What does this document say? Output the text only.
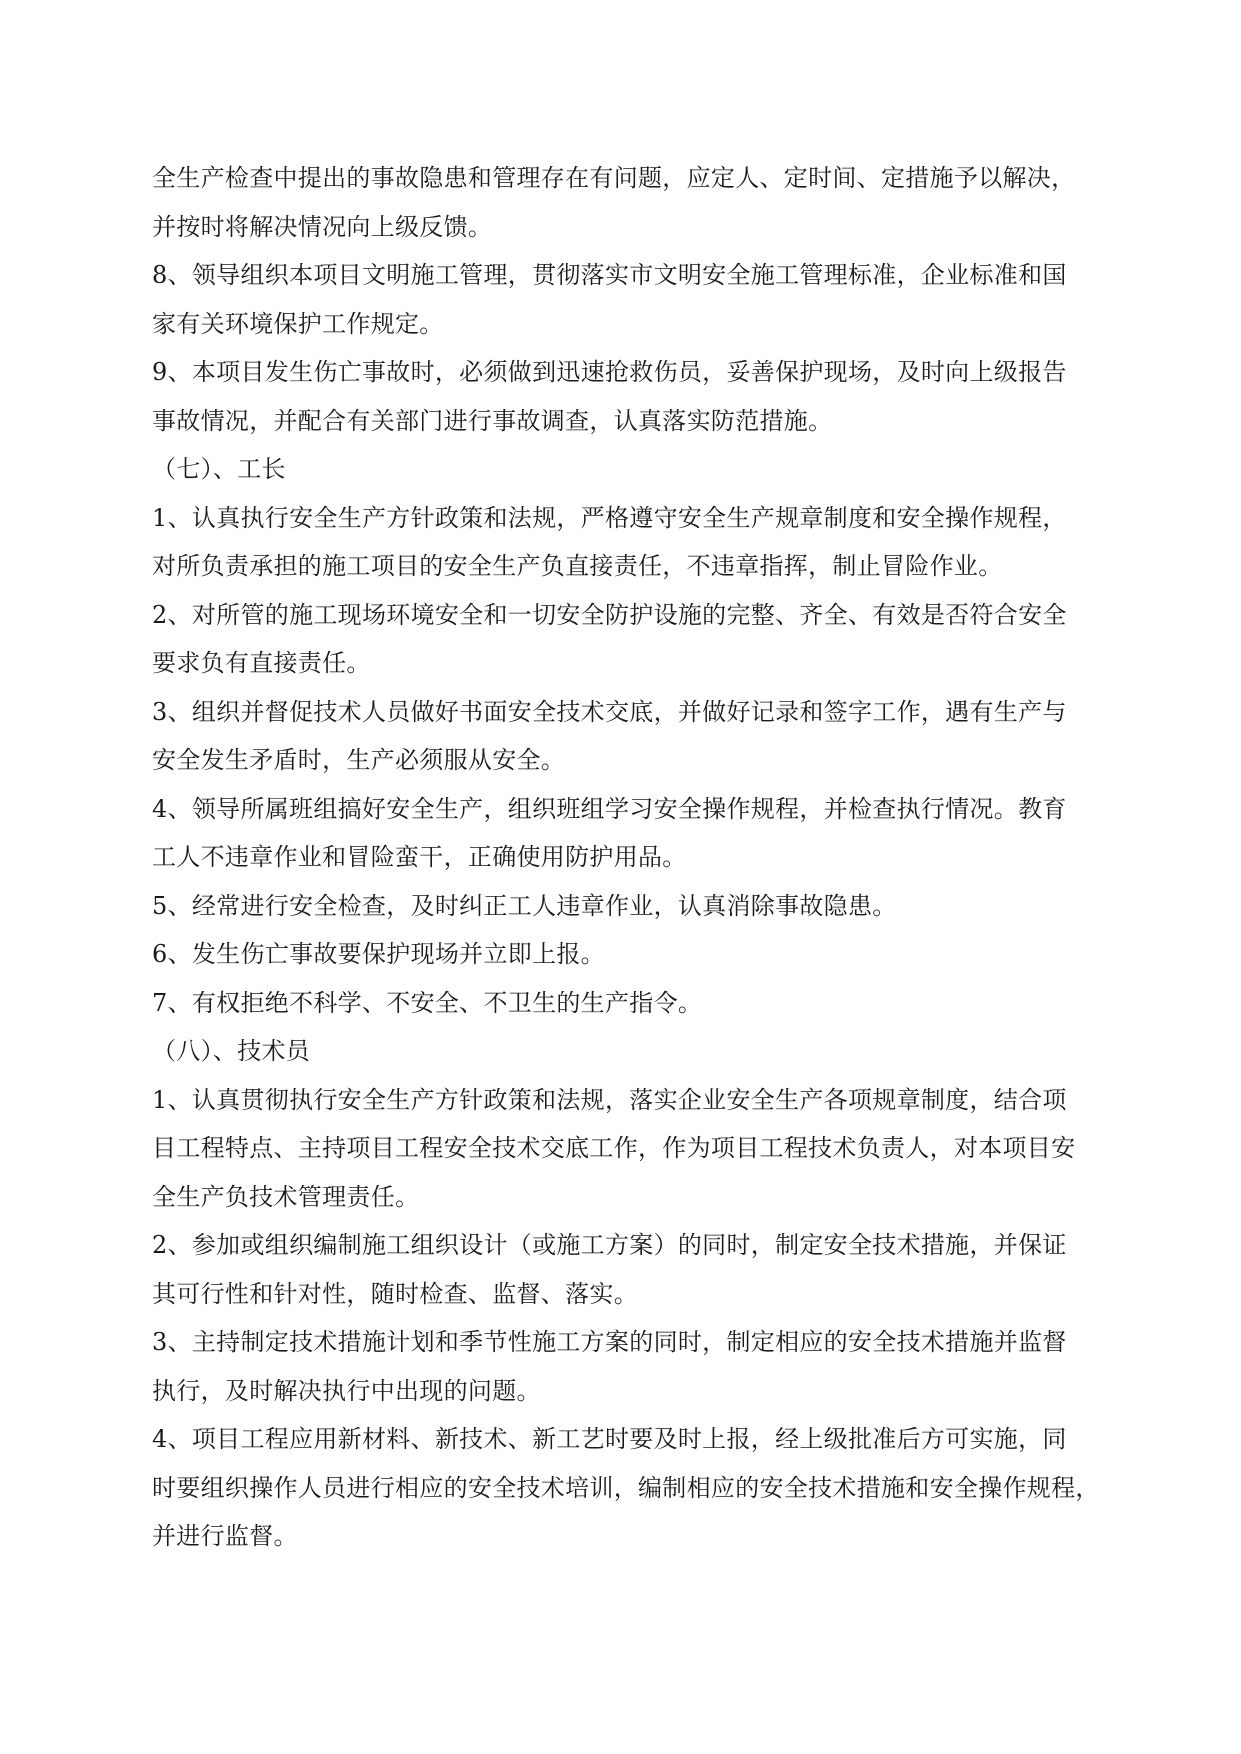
全生产检查中提出的事故隐患和管理存在有问题，应定人、定时间、定措施予以解决，

并按时将解决情况向上级反馈。

8、领导组织本项目文明施工管理，贯彻落实市文明安全施工管理标准，企业标准和国

家有关环境保护工作规定。

9、本项目发生伤亡事故时，必须做到迅速抢救伤员，妥善保护现场，及时向上级报告

事故情况，并配合有关部门进行事故调查，认真落实防范措施。

（七）、工长

1、认真执行安全生产方针政策和法规，严格遵守安全生产规章制度和安全操作规程，

对所负责承担的施工项目的安全生产负直接责任，不违章指挥，制止冒险作业。

2、对所管的施工现场环境安全和一切安全防护设施的完整、齐全、有效是否符合安全

要求负有直接责任。

3、组织并督促技术人员做好书面安全技术交底，并做好记录和签字工作，遇有生产与

安全发生矛盾时，生产必须服从安全。

4、领导所属班组搞好安全生产，组织班组学习安全操作规程，并检查执行情况。教育

工人不违章作业和冒险蛮干，正确使用防护用品。

5、经常进行安全检查，及时纠正工人违章作业，认真消除事故隐患。

6、发生伤亡事故要保护现场并立即上报。

7、有权拒绝不科学、不安全、不卫生的生产指令。

（八）、技术员

1、认真贯彻执行安全生产方针政策和法规，落实企业安全生产各项规章制度，结合项

目工程特点、主持项目工程安全技术交底工作，作为项目工程技术负责人，对本项目安

全生产负技术管理责任。

2、参加或组织编制施工组织设计（或施工方案）的同时，制定安全技术措施，并保证

其可行性和针对性，随时检查、监督、落实。

3、主持制定技术措施计划和季节性施工方案的同时，制定相应的安全技术措施并监督

执行，及时解决执行中出现的问题。

4、项目工程应用新材料、新技术、新工艺时要及时上报，经上级批准后方可实施，同

时要组织操作人员进行相应的安全技术培训，编制相应的安全技术措施和安全操作规程，

并进行监督。
